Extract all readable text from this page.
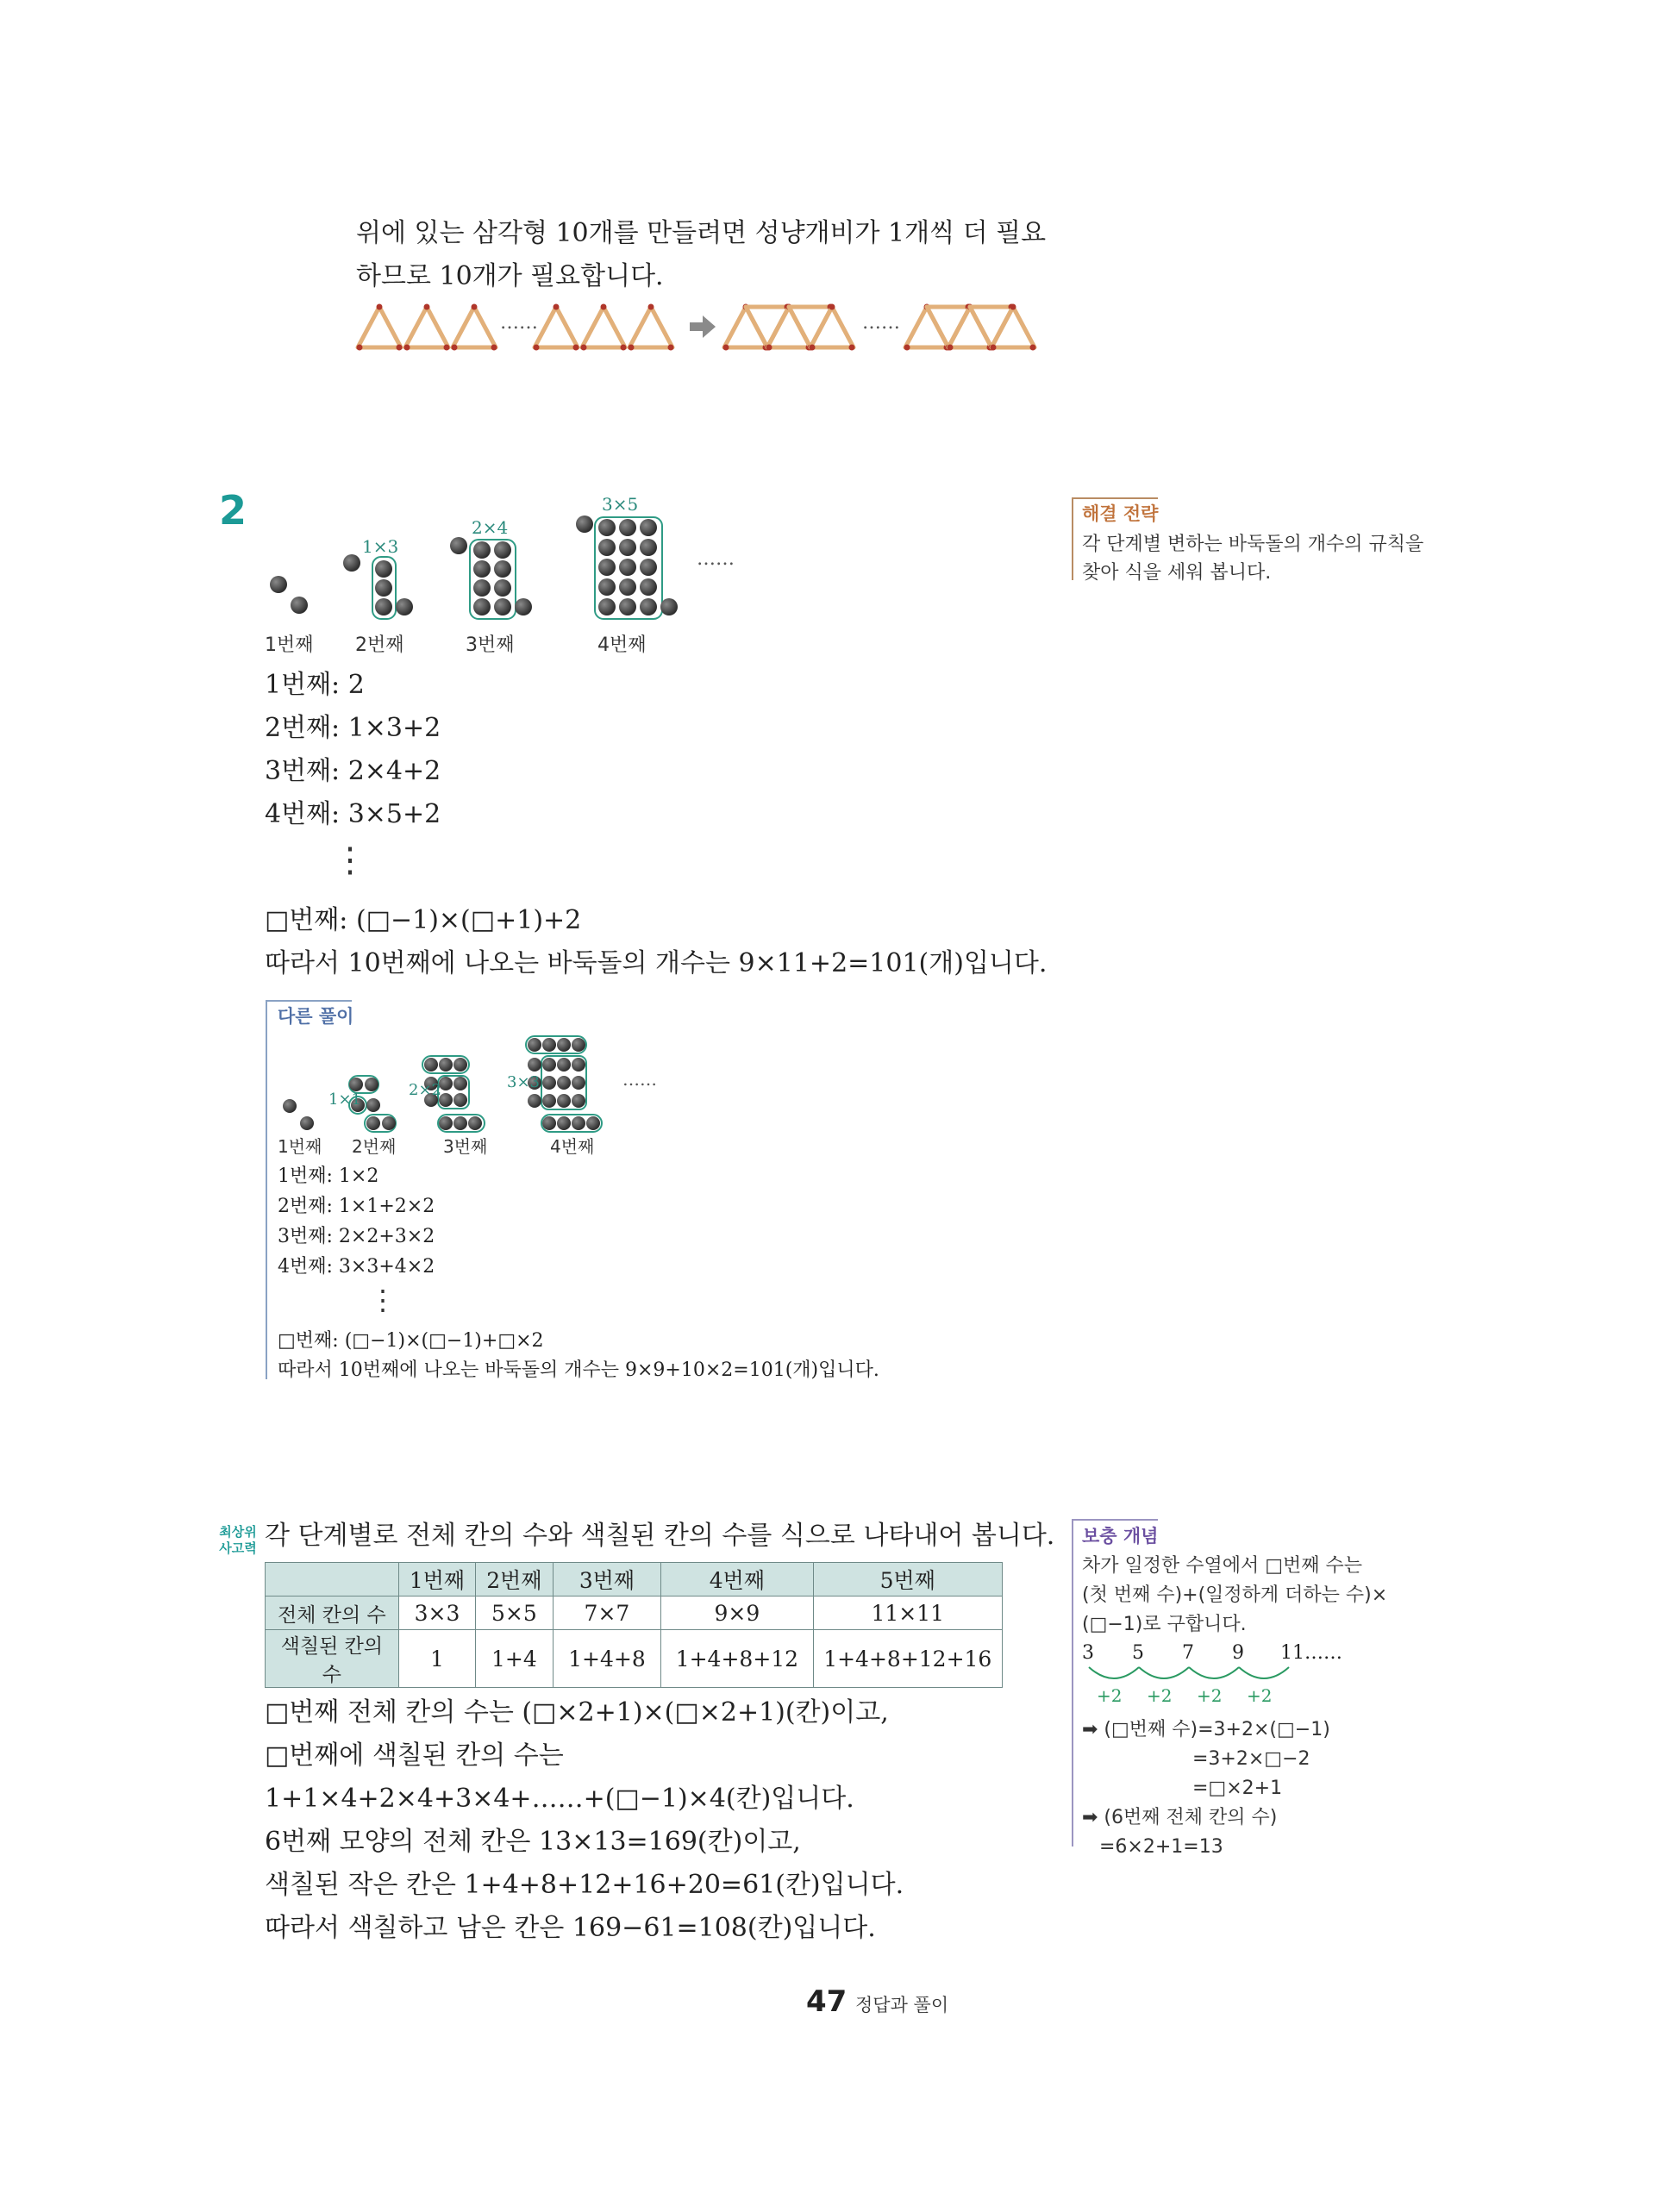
위에 있는 삼각형 10개를 만들려면 성냥개비가 1개씩 더 필요
하므로 10개가 필요합니다.
……	……
2
1×3
2×4
3×5
……
1번째 2번째	3번째	4번째
1번째: 2
2번째: 1×3+2
3번째: 2×4+2
4번째: 3×5+2
⋮
□번째: (□−1)×(□+1)+2
따라서 10번째에 나오는 바둑돌의 개수는 9×11+2=101(개)입니다.
해결 전략
각 단계별 변하는 바둑돌의 개수의 규칙을
찾아 식을 세워 봅니다.
다른 풀이
1×1
2×2	3×3	……
1번째 2번째	3번째	4번째
1번째: 1×2
2번째: 1×1+2×2
3번째: 2×2+3×2
4번째: 3×3+4×2
⋮
□번째: (□−1)×(□−1)+□×2
따라서 10번째에 나오는 바둑돌의 개수는 9×9+10×2=101(개)입니다.
최상위
사고력 각 단계별로 전체 칸의 수와 색칠된 칸의 수를 식으로 나타내어 봅니다.
	1번째	2번째	3번째	4번째	5번째
전체 칸의 수	3×3	5×5	7×7	9×9	11×11
색칠된 칸의 수	1	1+4	1+4+8	1+4+8+12	1+4+8+12+16
□번째 전체 칸의 수는 (□×2+1)×(□×2+1)(칸)이고,
□번째에 색칠된 칸의 수는
1+1×4+2×4+3×4+……+(□−1)×4(칸)입니다.
6번째 모양의 전체 칸은 13×13=169(칸)이고,
색칠된 작은 칸은 1+4+8+12+16+20=61(칸)입니다.
따라서 색칠하고 남은 칸은 169−61=108(칸)입니다.
보충 개념
차가 일정한 수열에서 □번째 수는
(첫 번째 수)+(일정하게 더하는 수)×
(□−1)로 구합니다.
3 5 7 9 11……
+2 +2 +2 +2
➡ (□번째 수)=3+2×(□−1)
=3+2×□−2
=□×2+1
➡ (6번째 전체 칸의 수)
=6×2+1=13
47 정답과 풀이
